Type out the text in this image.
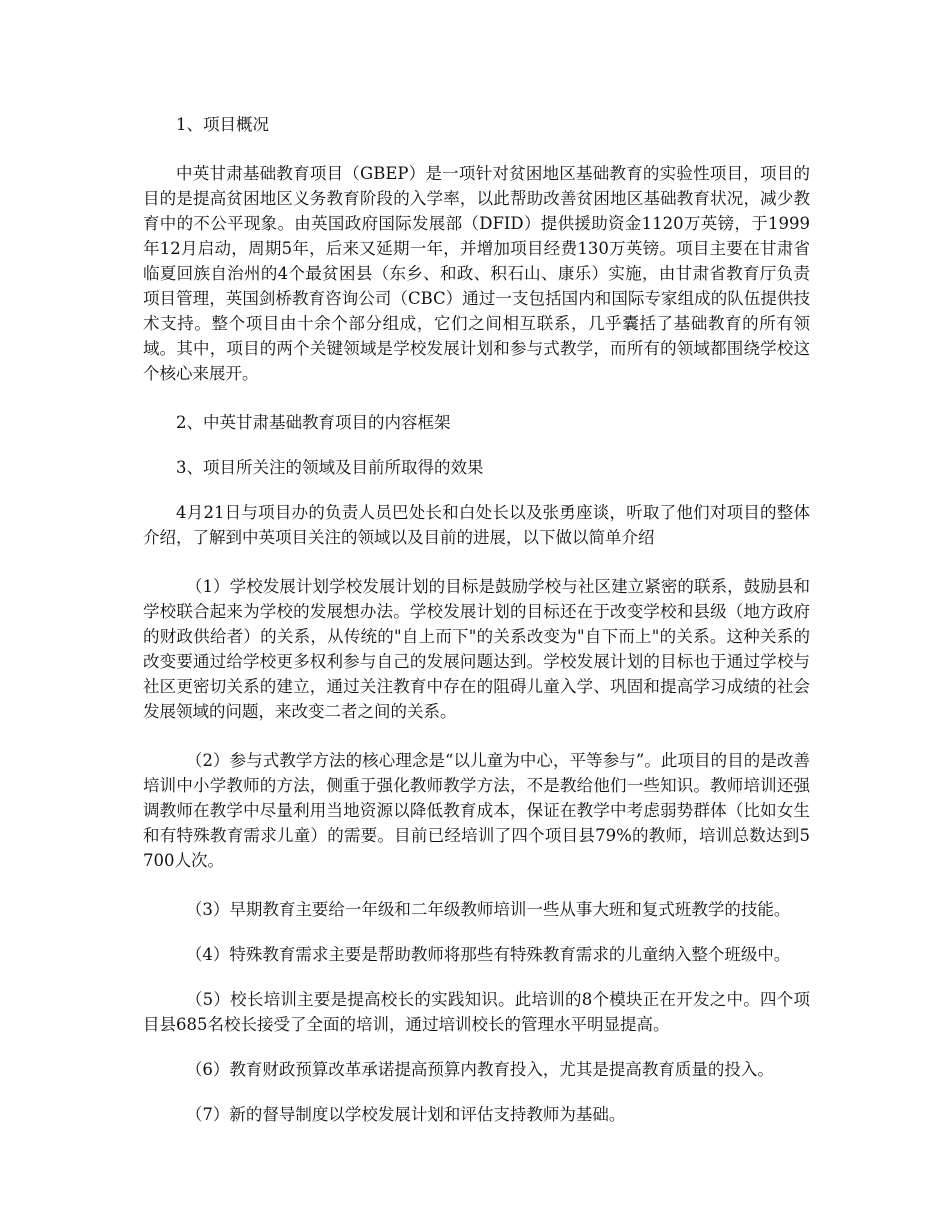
1、项目概况

中英甘肃基础教育项目（GBEP）是一项针对贫困地区基础教育的实验性项目，项目的目的是提高贫困地区义务教育阶段的入学率，以此帮助改善贫困地区基础教育状况，减少教育中的不公平现象。由英国政府国际发展部（DFID）提供援助资金1120万英镑，于1999年12月启动，周期5年，后来又延期一年，并增加项目经费130万英镑。项目主要在甘肃省临夏回族自治州的4个最贫困县（东乡、和政、积石山、康乐）实施，由甘肃省教育厅负责项目管理，英国剑桥教育咨询公司（CBC）通过一支包括国内和国际专家组成的队伍提供技术支持。整个项目由十余个部分组成，它们之间相互联系，几乎囊括了基础教育的所有领域。其中，项目的两个关键领域是学校发展计划和参与式教学，而所有的领域都围绕学校这个核心来展开。

2、中英甘肃基础教育项目的内容框架

3、项目所关注的领域及目前所取得的效果

4月21日与项目办的负责人员巴处长和白处长以及张勇座谈，听取了他们对项目的整体介绍，了解到中英项目关注的领域以及目前的进展，以下做以简单介绍

（1）学校发展计划学校发展计划的目标是鼓励学校与社区建立紧密的联系，鼓励县和学校联合起来为学校的发展想办法。学校发展计划的目标还在于改变学校和县级（地方政府的财政供给者）的关系，从传统的"自上而下"的关系改变为"自下而上"的关系。这种关系的改变要通过给学校更多权利参与自己的发展问题达到。学校发展计划的目标也于通过学校与社区更密切关系的建立，通过关注教育中存在的阻碍儿童入学、巩固和提高学习成绩的社会发展领域的问题，来改变二者之间的关系。

（2）参与式教学方法的核心理念是“以儿童为中心，平等参与”。此项目的目的是改善培训中小学教师的方法，侧重于强化教师教学方法，不是教给他们一些知识。教师培训还强调教师在教学中尽量利用当地资源以降低教育成本，保证在教学中考虑弱势群体（比如女生和有特殊教育需求儿童）的需要。目前已经培训了四个项目县79%的教师，培训总数达到5700人次。

（3）早期教育主要给一年级和二年级教师培训一些从事大班和复式班教学的技能。

（4）特殊教育需求主要是帮助教师将那些有特殊教育需求的儿童纳入整个班级中。

（5）校长培训主要是提高校长的实践知识。此培训的8个模块正在开发之中。四个项目县685名校长接受了全面的培训，通过培训校长的管理水平明显提高。

（6）教育财政预算改革承诺提高预算内教育投入，尤其是提高教育质量的投入。

（7）新的督导制度以学校发展计划和评估支持教师为基础。
